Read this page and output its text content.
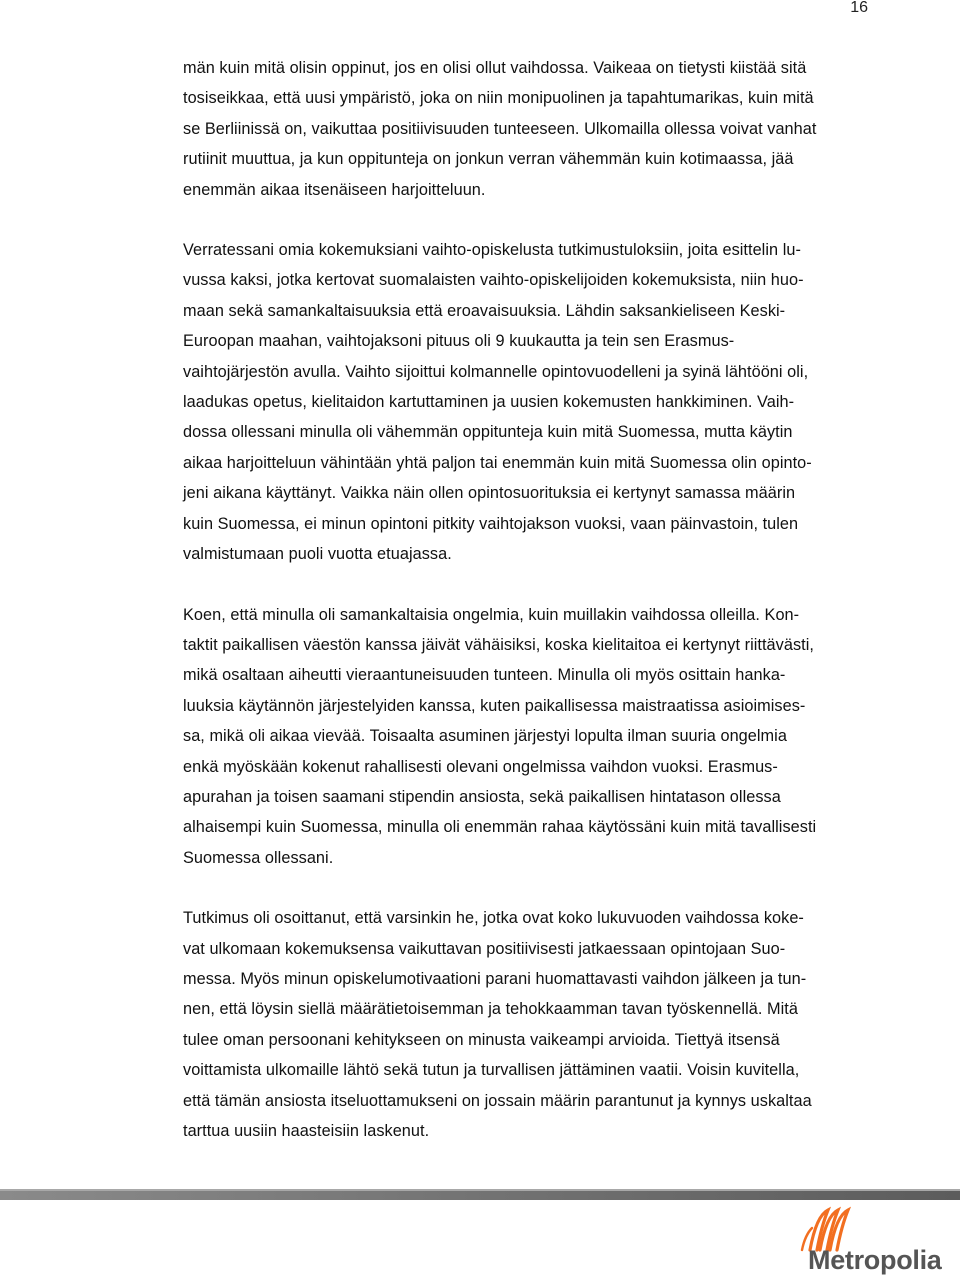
16

män kuin mitä olisin oppinut, jos en olisi ollut vaihdossa. Vaikeaa on tietysti kiistää sitä
tosiseikkaa, että uusi ympäristö, joka on niin monipuolinen ja tapahtumarikas, kuin mitä
se Berliinissä on, vaikuttaa positiivisuuden tunteeseen. Ulkomailla ollessa voivat vanhat
rutiinit muuttua, ja kun oppitunteja on jonkun verran vähemmän kuin kotimaassa, jää
enemmän aikaa itsenäiseen harjoitteluun.

Verratessani omia kokemuksiani vaihto-opiskelusta tutkimustuloksiin, joita esittelin lu-
vussa kaksi, jotka kertovat suomalaisten vaihto-opiskelijoiden kokemuksista, niin huo-
maan sekä samankaltaisuuksia että eroavaisuuksia. Lähdin saksankieliseen Keski-
Euroopan maahan, vaihtojaksoni pituus oli 9 kuukautta ja tein sen Erasmus-
vaihtojärjestön avulla. Vaihto sijoittui kolmannelle opintovuodelleni ja syinä lähtööni oli,
laadukas opetus, kielitaidon kartuttaminen ja uusien kokemusten hankkiminen. Vaih-
dossa ollessani minulla oli vähemmän oppitunteja kuin mitä Suomessa, mutta käytin
aikaa harjoitteluun vähintään yhtä paljon tai enemmän kuin mitä Suomessa olin opinto-
jeni aikana käyttänyt. Vaikka näin ollen opintosuorituksia ei kertynyt samassa määrin
kuin Suomessa, ei minun opintoni pitkity vaihtojakson vuoksi, vaan päinvastoin, tulen
valmistumaan puoli vuotta etuajassa.

Koen, että minulla oli samankaltaisia ongelmia, kuin muillakin vaihdossa olleilla. Kon-
taktit paikallisen väestön kanssa jäivät vähäisiksi, koska kielitaitoa ei kertynyt riittävästi,
mikä osaltaan aiheutti vieraantuneisuuden tunteen. Minulla oli myös osittain hanka-
luuksia käytännön järjestelyiden kanssa, kuten paikallisessa maistraatissa asioimises-
sa, mikä oli aikaa vievää. Toisaalta asuminen järjestyi lopulta ilman suuria ongelmia
enkä myöskään kokenut rahallisesti olevani ongelmissa vaihdon vuoksi. Erasmus-
apurahan ja toisen saamani stipendin ansiosta, sekä paikallisen hintatason ollessa
alhaisempi kuin Suomessa, minulla oli enemmän rahaa käytössäni kuin mitä tavallisesti
Suomessa ollessani.

Tutkimus oli osoittanut, että varsinkin he, jotka ovat koko lukuvuoden vaihdossa koke-
vat ulkomaan kokemuksensa vaikuttavan positiivisesti jatkaessaan opintojaan Suo-
messa. Myös minun opiskelumotivaationi parani huomattavasti vaihdon jälkeen ja tun-
nen, että löysin siellä määrätietoisemman ja tehokkaamman tavan työskennellä. Mitä
tulee oman persoonani kehitykseen on minusta vaikeampi arvioida. Tiettyä itsensä
voittamista ulkomaille lähtö sekä tutun ja turvallisen jättäminen vaatii. Voisin kuvitella,
että tämän ansiosta itseluottamukseni on jossain määrin parantunut ja kynnys uskaltaa
tarttua uusiin haasteisiin laskenut.

Metropolia
